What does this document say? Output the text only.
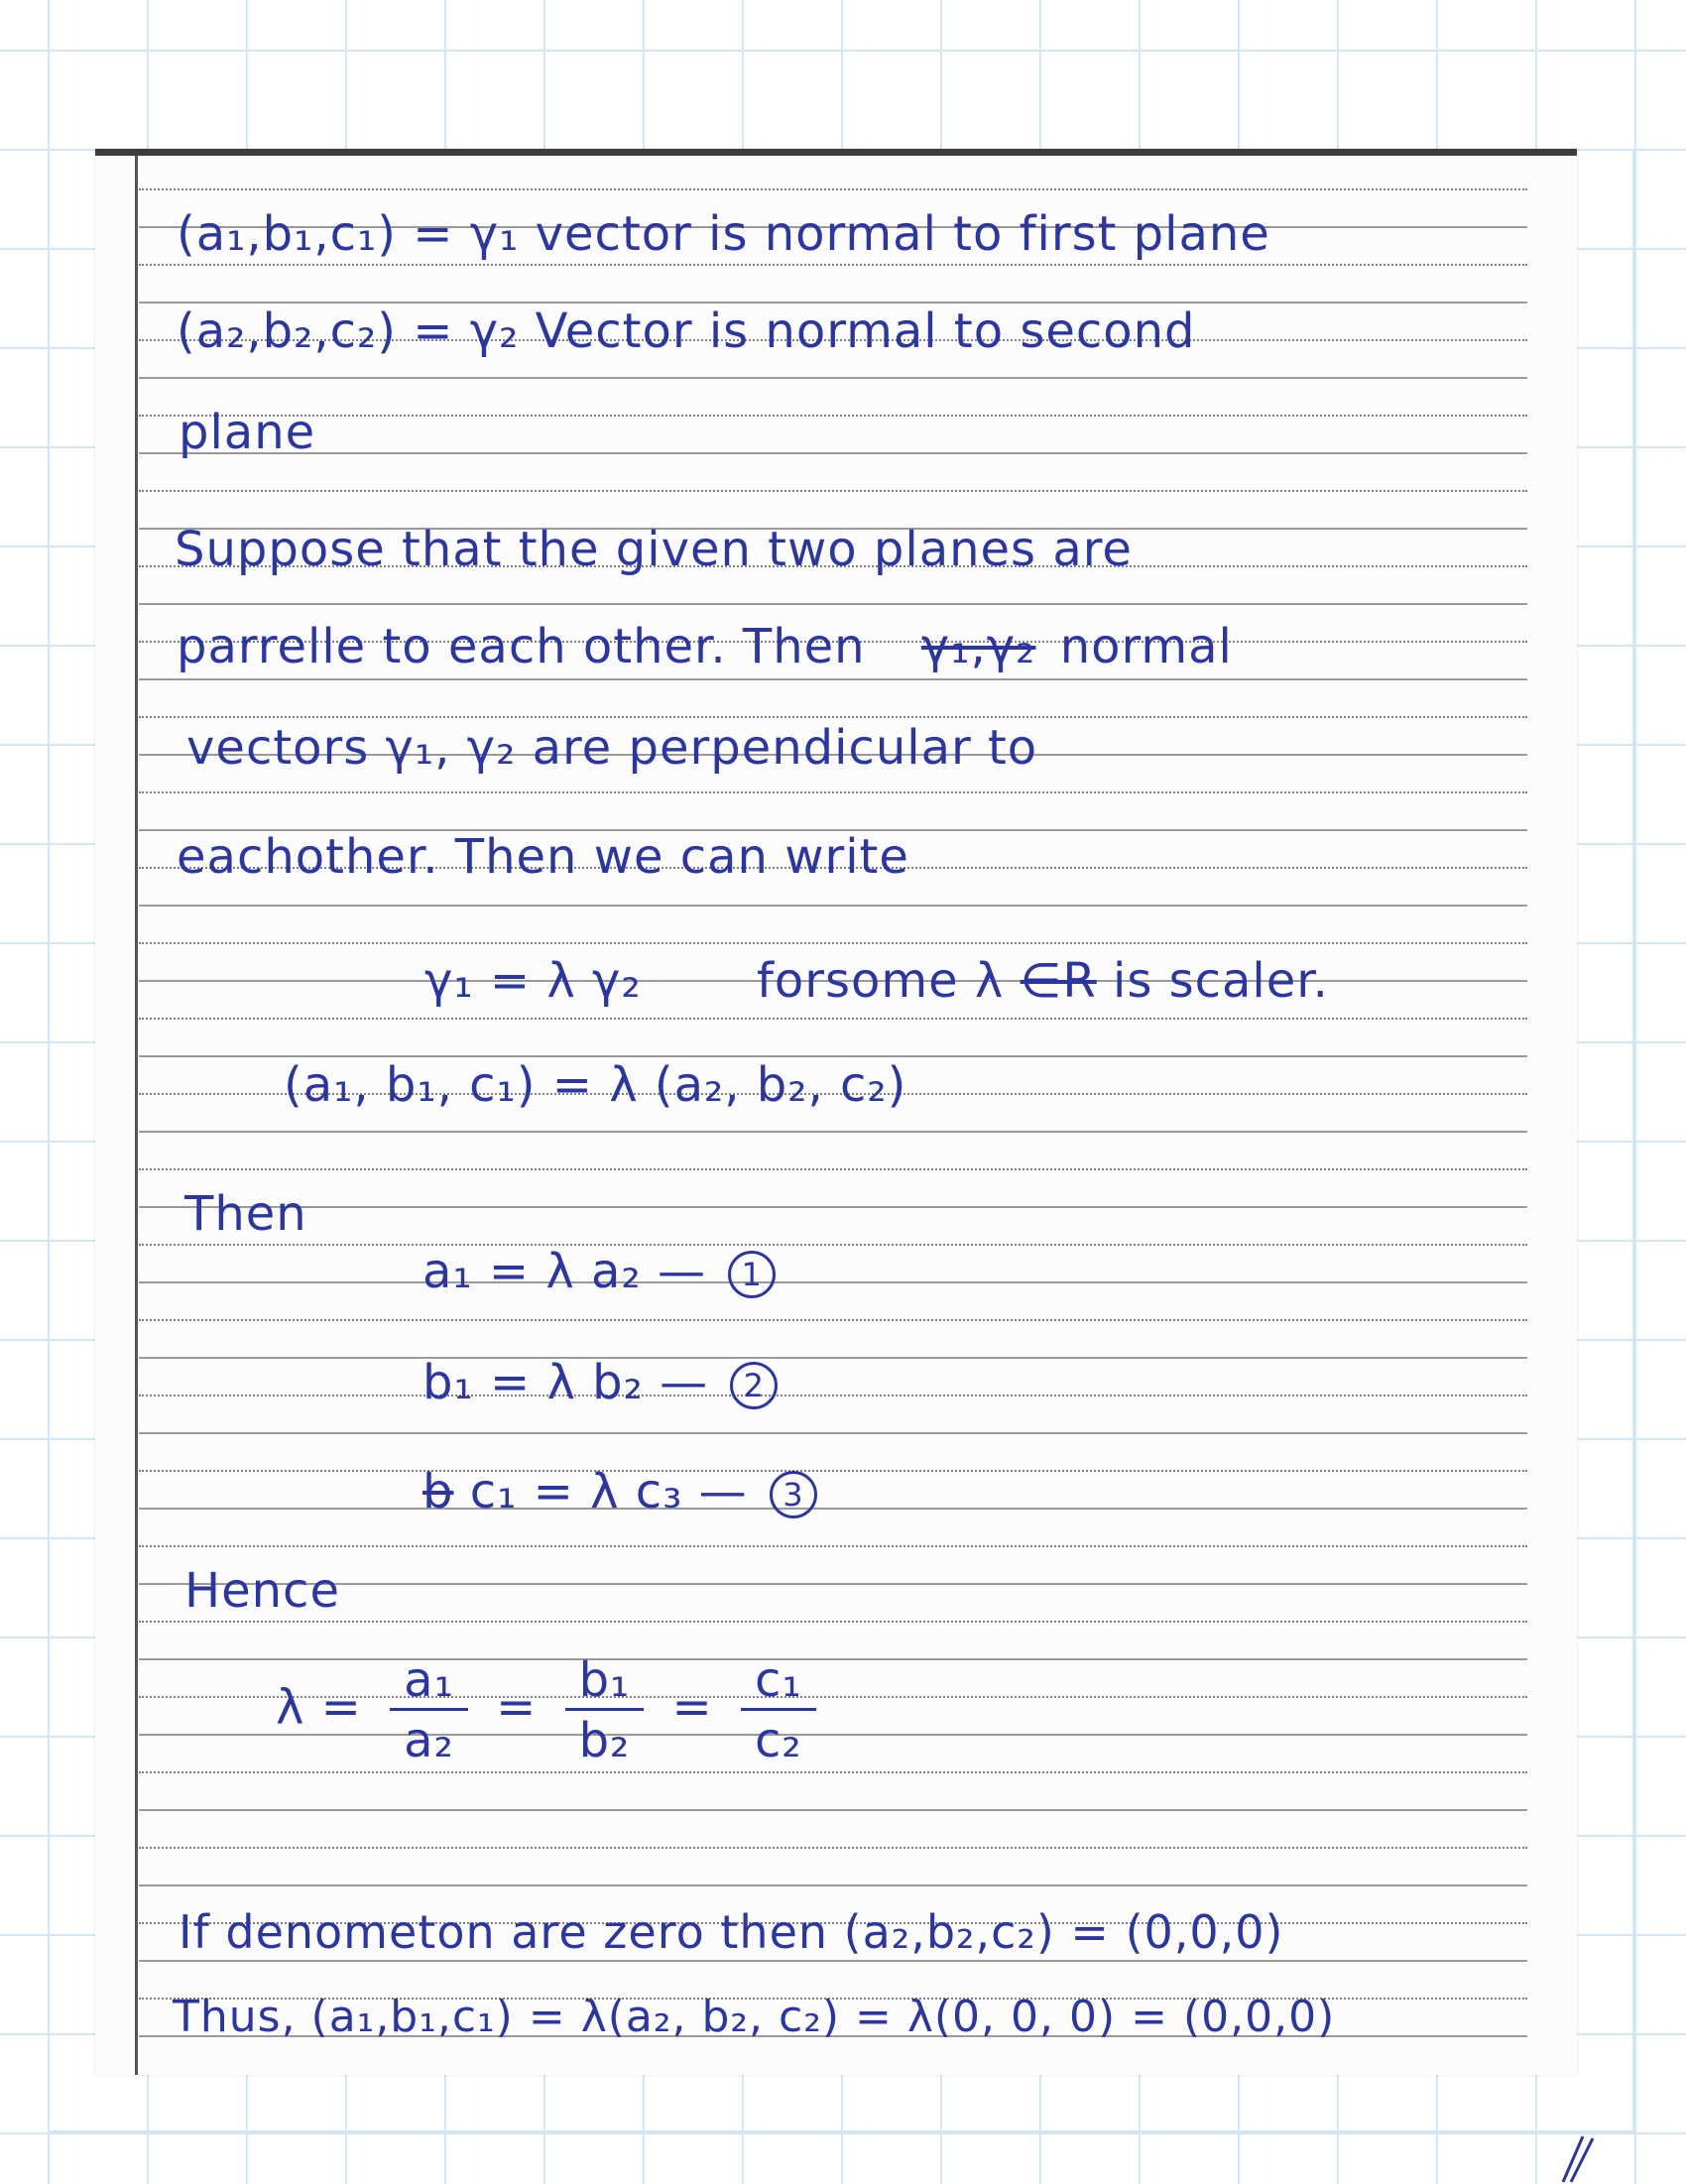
(a₁,b₁,c₁) = γ₁ vector is normal to first plane
(a₂,b₂,c₂) = γ₂ Vector is normal to second
plane
Suppose that the given two planes are
parrelle to each other. Then γ₁,γ₂ normal
vectors γ₁, γ₂ are perpendicular to
eachother. Then we can write
γ₁ = λ γ₂ forsome λ ∈R is scaler.
(a₁, b₁, c₁) = λ (a₂, b₂, c₂)
Then
a₁ = λ a₂ — 1
b₁ = λ b₂ — 2
b c₁ = λ c₃ — 3
Hence
$\lambda = \frac{\text{a₁}}{\text{a₂}} = \frac{\text{b₁}}{\text{b₂}} = \frac{\text{c₁}}{\text{c₂}}$
If denometon are zero then (a₂,b₂,c₂) = (0,0,0)
Thus, (a₁,b₁,c₁) = λ(a₂, b₂, c₂) = λ(0, 0, 0) = (0,0,0)
